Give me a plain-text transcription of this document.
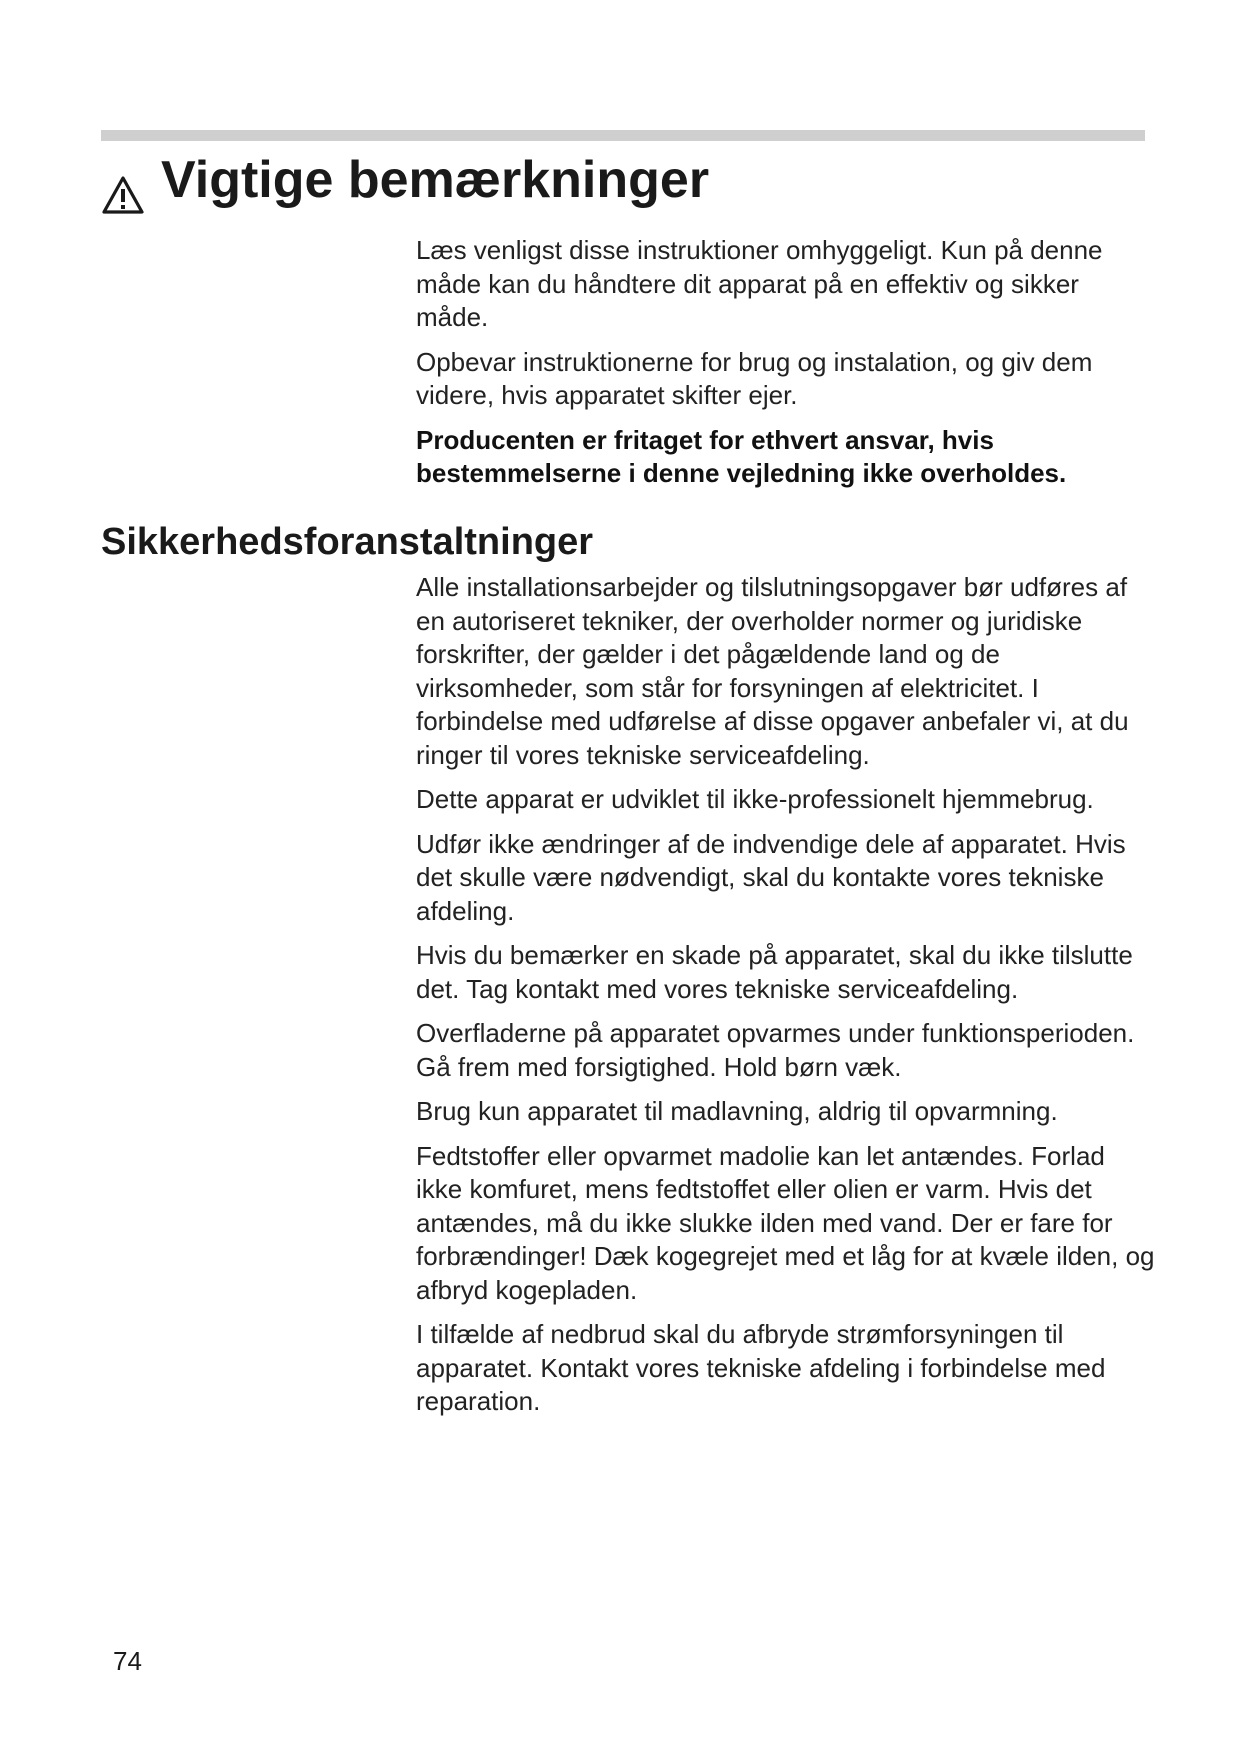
Vigtige bemærkninger

Læs venligst disse instruktioner omhyggeligt. Kun på denne måde kan du håndtere dit apparat på en effektiv og sikker måde.

Opbevar instruktionerne for brug og instalation, og giv dem videre, hvis apparatet skifter ejer.

Producenten er fritaget for ethvert ansvar, hvis bestemmelserne i denne vejledning ikke overholdes.

Sikkerhedsforanstaltninger

Alle installationsarbejder og tilslutningsopgaver bør udføres af en autoriseret tekniker, der overholder normer og juridiske forskrifter, der gælder i det pågældende land og de virksomheder, som står for forsyningen af elektricitet. I forbindelse med udførelse af disse opgaver anbefaler vi, at du ringer til vores tekniske serviceafdeling.

Dette apparat er udviklet til ikke-professionelt hjemmebrug.

Udfør ikke ændringer af de indvendige dele af apparatet. Hvis det skulle være nødvendigt, skal du kontakte vores tekniske afdeling.

Hvis du bemærker en skade på apparatet, skal du ikke tilslutte det. Tag kontakt med vores tekniske serviceafdeling.

Overfladerne på apparatet opvarmes under funktionsperioden. Gå frem med forsigtighed. Hold børn væk.

Brug kun apparatet til madlavning, aldrig til opvarmning.

Fedtstoffer eller opvarmet madolie kan let antændes. Forlad ikke komfuret, mens fedtstoffet eller olien er varm. Hvis det antændes, må du ikke slukke ilden med vand. Der er fare for forbrændinger! Dæk kogegrejet med et låg for at kvæle ilden, og afbryd kogepladen.

I tilfælde af nedbrud skal du afbryde strømforsyningen til apparatet. Kontakt vores tekniske afdeling i forbindelse med reparation.

74
